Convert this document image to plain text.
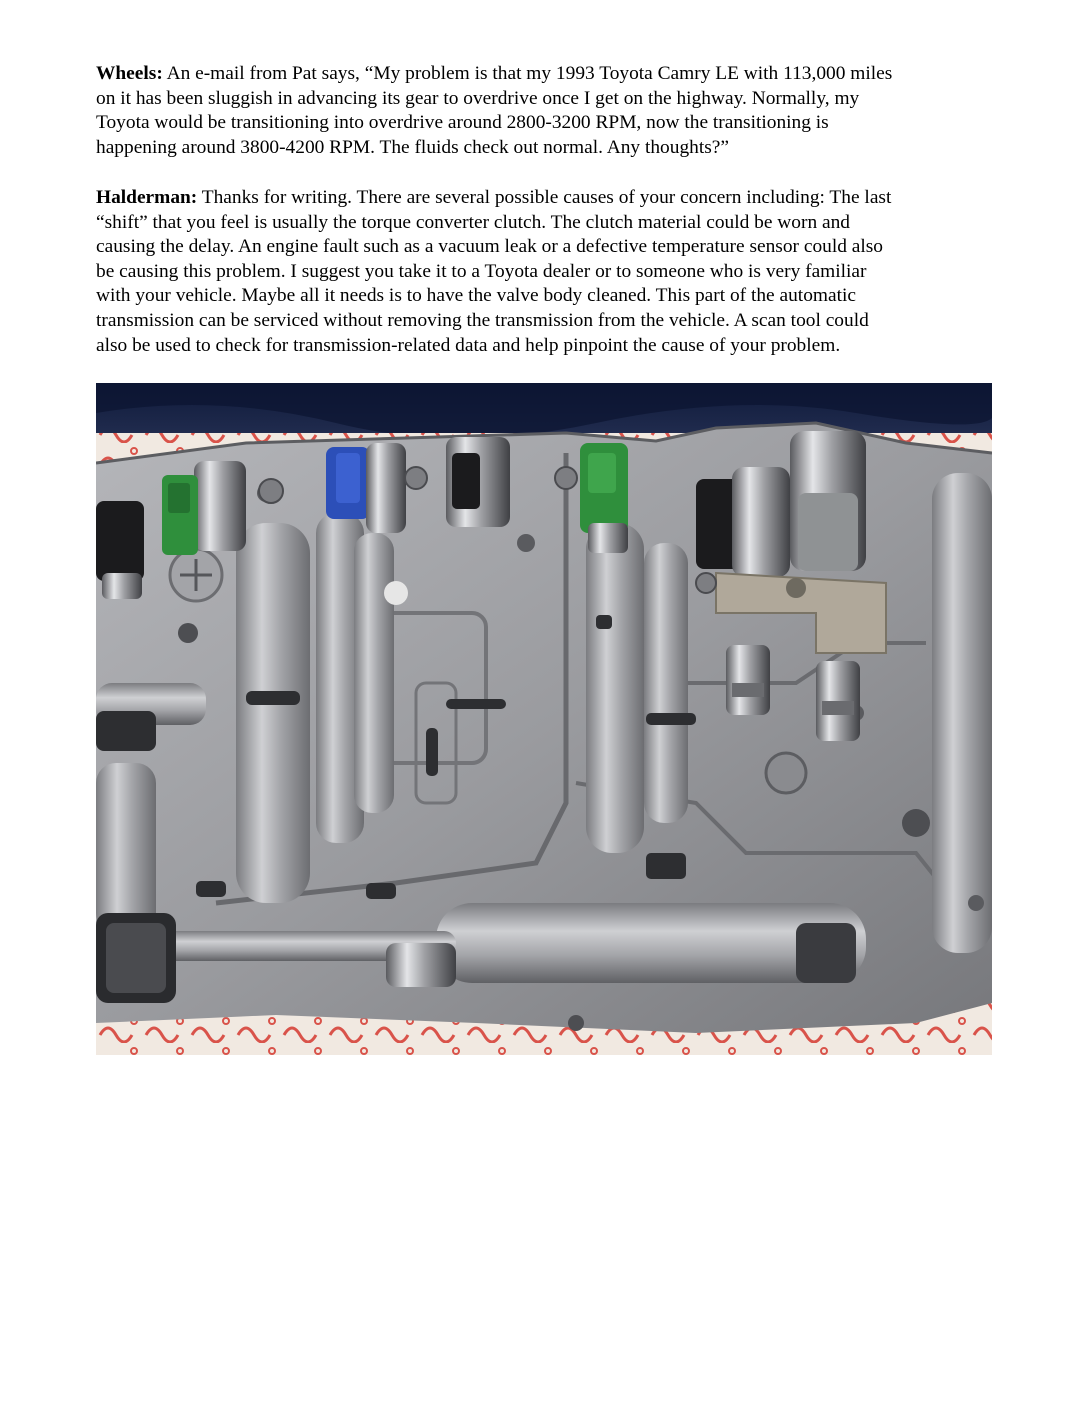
Wheels: An e-mail from Pat says, “My problem is that my 1993 Toyota Camry LE with 113,000 miles
on it has been sluggish in advancing its gear to overdrive once I get on the highway. Normally, my
Toyota would be transitioning into overdrive around 2800-3200 RPM, now the transitioning is
happening around 3800-4200 RPM. The fluids check out normal. Any thoughts?”

Halderman: Thanks for writing. There are several possible causes of your concern including: The last
“shift” that you feel is usually the torque converter clutch. The clutch material could be worn and
causing the delay. An engine fault such as a vacuum leak or a defective temperature sensor could also
be causing this problem. I suggest you take it to a Toyota dealer or to someone who is very familiar
with your vehicle. Maybe all it needs is to have the valve body cleaned. This part of the automatic
transmission can be serviced without removing the transmission from the vehicle. A scan tool could
also be used to check for transmission-related data and help pinpoint the cause of your problem.
